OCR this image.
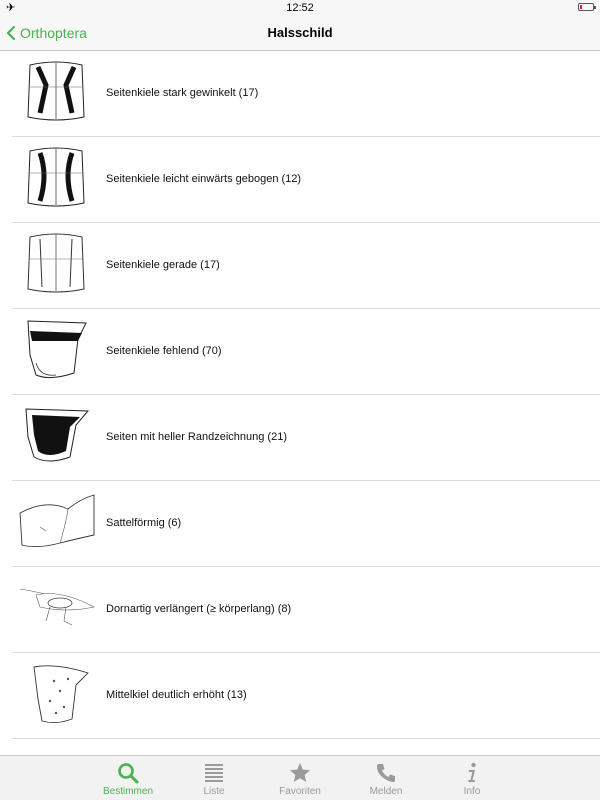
✈	12:52
Orthoptera	Halsschild
Seitenkiele stark gewinkelt (17)
Seitenkiele leicht einwärts gebogen (12)
Seitenkiele gerade (17)
Seitenkiele fehlend (70)
Seiten mit heller Randzeichnung (21)
Sattelförmig (6)
Dornartig verlängert (≥ körperlang) (8)
Mittelkiel deutlich erhöht (13)
Bestimmen	Liste	Favoriten	Melden	Info
